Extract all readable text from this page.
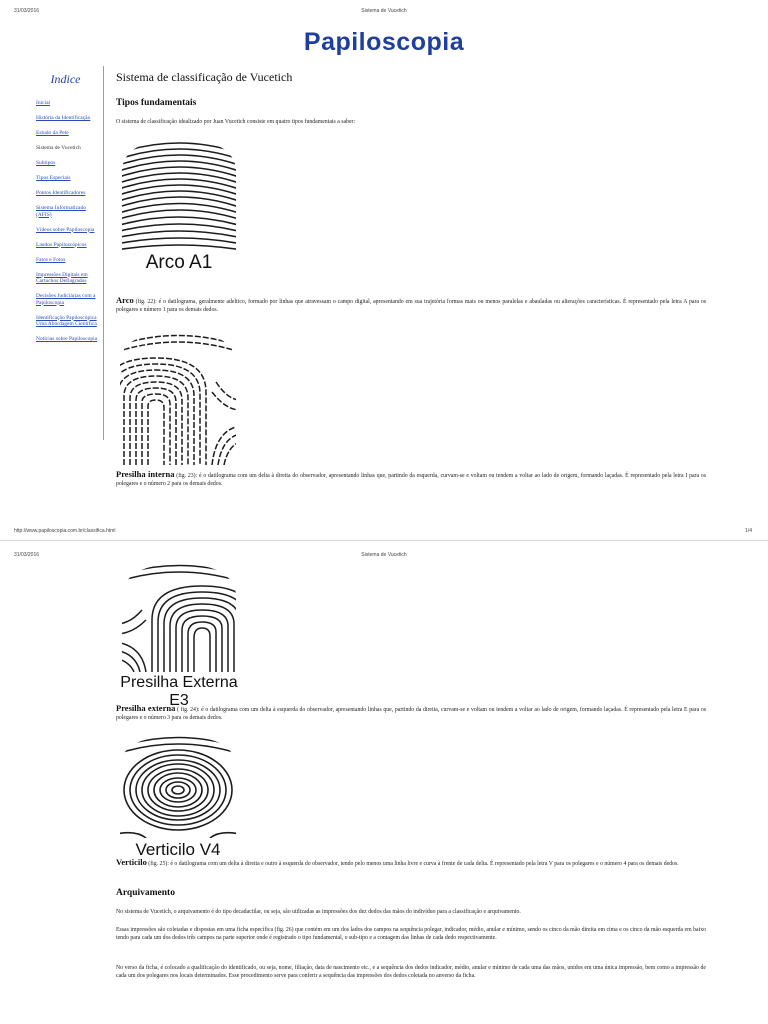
31/03/2016	Sistema de Vucetich
Papiloscopia
Indice
Inicial
História da Identificação
Estudo da Pele
Sistema de Vucetich
Subtipos
Tipos Especiais
Pontos Identificadores
Sistema Informatizado (AFIS)
Vídeos sobre Papiloscopia
Laudos Papiloscópicos
Fatos e Fotos
Impressões Digitais em Cartuchos Deflagrados
Decisões Judiciárias com a Papiloscopia
Identificação Papiloscópica Uma Abordagem Científica
Notícias sobre Papiloscopia
Sistema de classificação de Vucetich
Tipos fundamentais

O sistema de classificação idealizado por Juan Vucetich consiste em quatro tipos fundamentais a saber:

Arco A1

Arco (fig. 22): é o datilograma, geralmente adeltico, formado por linhas que atravessam o campo digital, apresentando em sua trajetória formas mais ou menos paralelas e abauladas ou alterações características. É representado pela letra A para os polegares e número 1 para os demais dedos.

Presilha interna (fig. 23): é o datilograma com um delta à direita do observador, apresentando linhas que, partindo da esquerda, curvam-se e voltam ou tendem a voltar ao lado de origem, formando laçadas. É representado pela letra I para os polegares e o número 2 para os demais dedos.

http://www.papiloscopia.com.br/classifica.html	1/4
31/03/2016	Sistema de Vucetich
Presilha Externa E3

Presilha externa ( fig. 24): é o datilograma com um delta à esquerda do observador, apresentando linhas que, partindo da direita, curvam-se e voltam ou tendem a voltar ao lado de origem, formando laçadas. É representado pela letra E para os polegares e o número 3 para os demais dedos.

Verticilo V4

Verticilo (fig. 25): é o datilograma com um delta à direita e outro à esquerda do observador, tendo pelo menos uma linha livre e curva à frente de cada delta. É representado pela letra V para os polegares e o número 4 para os demais dedos.

Arquivamento

No sistema de Vucetich, o arquivamento é do tipo decadactilar, ou seja, são utilizadas as impressões dos dez dedos das mãos do indivíduo para a classificação e arquivamento.

Essas impressões são coletadas e dispostas em uma ficha específica (fig. 26) que contém em um dos lados dos campos na sequência polegar, indicador, médio, anular e mínimo, sendo os cinco da mão direita em cima e os cinco da mão esquerda em baixo tendo para cada um dos dedos três campos na parte superior onde é registrado o tipo fundamental, o sub-tipo e a contagem das linhas de cada dedo respectivamente.

No verso da ficha, é colocado a qualificação do identificado, ou seja, nome, filiação, data de nascimento etc., e a sequência dos dedos indicador, médio, anular e mínimo de cada uma das mãos, unidos em uma única impressão, bem como a impressão de cada um dos polegares nos locais determinados. Esse procedimento serve para conferir a sequência das impressões dos dedos coletada no anverso da ficha.
